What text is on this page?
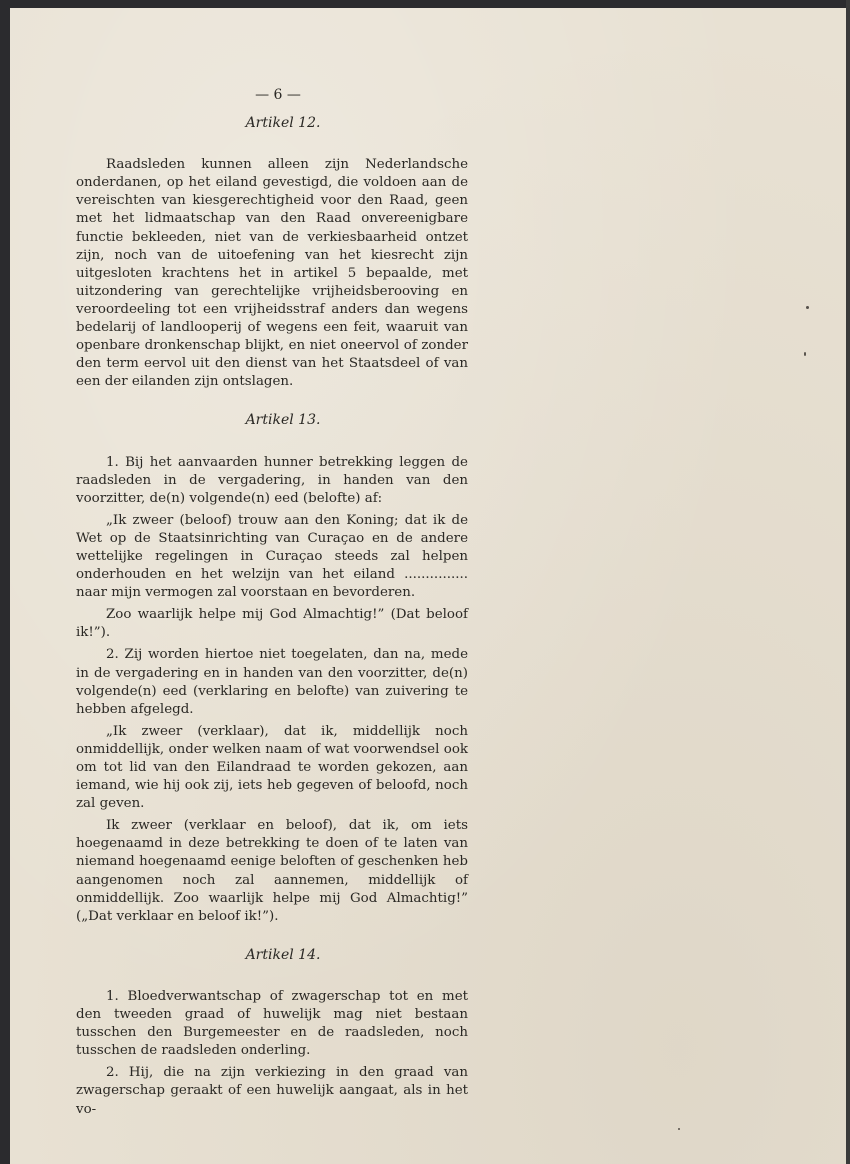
— 6 —
Artikel 12.

Raadsleden kunnen alleen zijn Nederlandsche onderdanen, op het eiland gevestigd, die voldoen aan de vereischten van kiesgerechtigheid voor den Raad, geen met het lidmaatschap van den Raad onvereenigbare functie bekleeden, niet van de verkiesbaarheid ontzet zijn, noch van de uitoefening van het kiesrecht zijn uitgesloten krachtens het in artikel 5 bepaalde, met uitzondering van gerechtelijke vrijheidsberooving en veroordeeling tot een vrijheidsstraf anders dan wegens bedelarij of landlooperij of wegens een feit, waaruit van openbare dronkenschap blijkt, en niet oneervol of zonder den term eervol uit den dienst van het Staatsdeel of van een der eilanden zijn ontslagen.

Artikel 13.

1. Bij het aanvaarden hunner betrekking leggen de raadsleden in de vergadering, in handen van den voorzitter, de(n) volgende(n) eed (belofte) af:

„Ik zweer (beloof) trouw aan den Koning; dat ik de Wet op de Staatsinrichting van Curaçao en de andere wettelijke regelingen in Curaçao steeds zal helpen onderhouden en het welzijn van het eiland ............... naar mijn vermogen zal voorstaan en bevorderen.

Zoo waarlijk helpe mij God Almachtig!” (Dat beloof ik!”).

2. Zij worden hiertoe niet toegelaten, dan na, mede in de vergadering en in handen van den voorzitter, de(n) volgende(n) eed (verklaring en belofte) van zuivering te hebben afgelegd.

„Ik zweer (verklaar), dat ik, middellijk noch onmiddellijk, onder welken naam of wat voorwendsel ook om tot lid van den Eilandraad te worden gekozen, aan iemand, wie hij ook zij, iets heb gegeven of beloofd, noch zal geven.

Ik zweer (verklaar en beloof), dat ik, om iets hoegenaamd in deze betrekking te doen of te laten van niemand hoegenaamd eenige beloften of geschenken heb aangenomen noch zal aannemen, middellijk of onmiddellijk. Zoo waarlijk helpe mij God Almachtig!” („Dat verklaar en beloof ik!”).

Artikel 14.

1. Bloedverwantschap of zwagerschap tot en met den tweeden graad of huwelijk mag niet bestaan tusschen den Burgemeester en de raadsleden, noch tusschen de raadsleden onderling.

2. Hij, die na zijn verkiezing in den graad van zwagerschap geraakt of een huwelijk aangaat, als in het vo-
